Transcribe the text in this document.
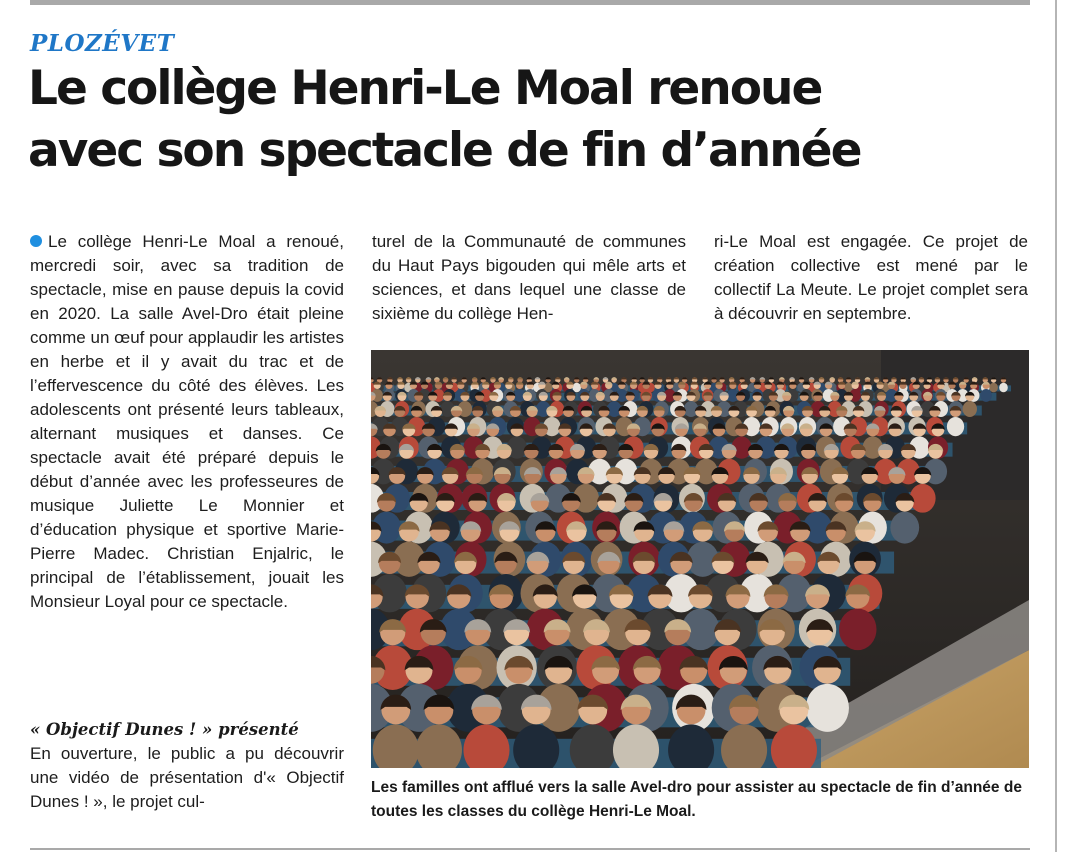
PLOZÉVET
Le collège Henri-Le Moal renoue
avec son spectacle de fin d’année

Le collège Henri-Le Moal a renoué, mercredi soir, avec sa tradition de spectacle, mise en pause depuis la covid en 2020. La salle Avel-Dro était pleine comme un œuf pour applaudir les artistes en herbe et il y avait du trac et de l’effervescence du côté des élèves. Les adolescents ont présenté leurs tableaux, alternant musiques et danses. Ce spectacle avait été préparé depuis le début d’année avec les professeures de musique Juliette Le Monnier et d’éducation physique et sportive Marie-Pierre Madec. Christian Enjalric, le principal de l’établissement, jouait les Monsieur Loyal pour ce spectacle.

« Objectif Dunes ! » présenté

En ouverture, le public a pu découvrir une vidéo de présentation d'« Objectif Dunes ! », le projet cul-

turel de la Communauté de communes du Haut Pays bigouden qui mêle arts et sciences, et dans lequel une classe de sixième du collège Hen-

ri-Le Moal est engagée. Ce projet de création collective est mené par le collectif La Meute. Le projet complet sera à découvrir en septembre.

Les familles ont afflué vers la salle Avel-dro pour assister au spectacle de fin d’année de toutes les classes du collège Henri-Le Moal.
